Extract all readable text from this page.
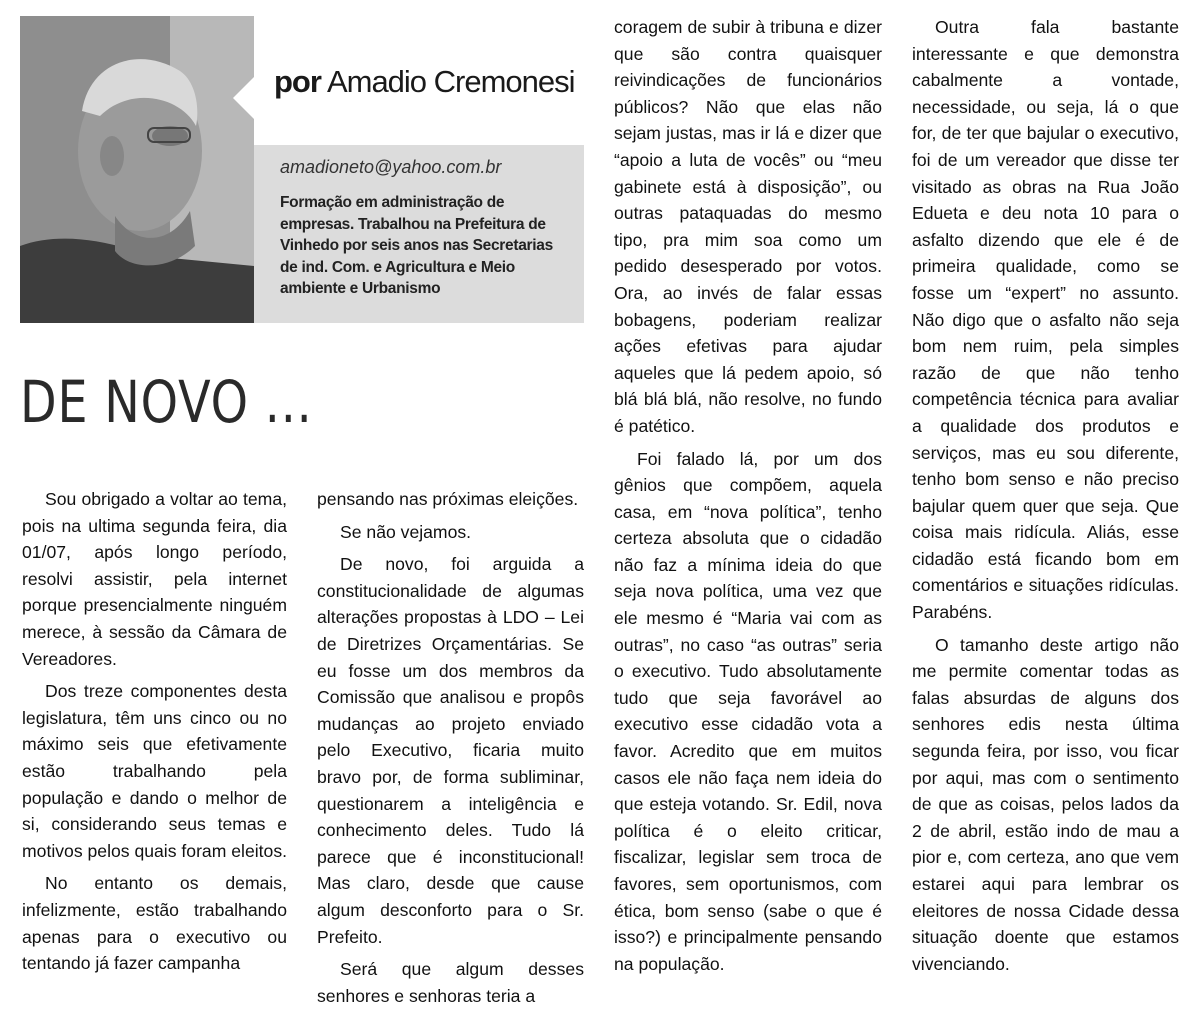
por Amadio Cremonesi

amadioneto@yahoo.com.br

Formação em administração de empresas. Trabalhou na Prefeitura de Vinhedo por seis anos nas Secretarias de ind. Com. e Agricultura e Meio ambiente e Urbanismo

DE NOVO ...

Sou obrigado a voltar ao tema, pois na ultima segunda feira, dia 01/07, após longo período, resolvi assistir, pela internet porque presencialmente ninguém merece, à sessão da Câmara de Vereadores.

Dos treze componentes desta legislatura, têm uns cinco ou no máximo seis que efetivamente estão trabalhando pela população e dando o melhor de si, considerando seus temas e motivos pelos quais foram eleitos.

No entanto os demais, infelizmente, estão trabalhando apenas para o executivo ou tentando já fazer campanha

pensando nas próximas eleições.

Se não vejamos.

De novo, foi arguida a constitucionalidade de algumas alterações propostas à LDO – Lei de Diretrizes Orçamentárias. Se eu fosse um dos membros da Comissão que analisou e propôs mudanças ao projeto enviado pelo Executivo, ficaria muito bravo por, de forma subliminar, questionarem a inteligência e conhecimento deles. Tudo lá parece que é inconstitucional! Mas claro, desde que cause algum desconforto para o Sr. Prefeito.

Será que algum desses senhores e senhoras teria a

coragem de subir à tribuna e dizer que são contra quaisquer reivindicações de funcionários públicos? Não que elas não sejam justas, mas ir lá e dizer que “apoio a luta de vocês” ou “meu gabinete está à disposição”, ou outras pataquadas do mesmo tipo, pra mim soa como um pedido desesperado por votos. Ora, ao invés de falar essas bobagens, poderiam realizar ações efetivas para ajudar aqueles que lá pedem apoio, só blá blá blá, não resolve, no fundo é patético.

Foi falado lá, por um dos gênios que compõem, aquela casa, em “nova política”, tenho certeza absoluta que o cidadão não faz a mínima ideia do que seja nova política, uma vez que ele mesmo é “Maria vai com as outras”, no caso “as outras” seria o executivo. Tudo absolutamente tudo que seja favorável ao executivo esse cidadão vota a favor. Acredito que em muitos casos ele não faça nem ideia do que esteja votando. Sr. Edil, nova política é o eleito criticar, fiscalizar, legislar sem troca de favores, sem oportunismos, com ética, bom senso (sabe o que é isso?) e principalmente pensando na população.

Outra fala bastante interessante e que demonstra cabalmente a vontade, necessidade, ou seja, lá o que for, de ter que bajular o executivo, foi de um vereador que disse ter visitado as obras na Rua João Edueta e deu nota 10 para o asfalto dizendo que ele é de primeira qualidade, como se fosse um “expert” no assunto. Não digo que o asfalto não seja bom nem ruim, pela simples razão de que não tenho competência técnica para avaliar a qualidade dos produtos e serviços, mas eu sou diferente, tenho bom senso e não preciso bajular quem quer que seja. Que coisa mais ridícula. Aliás, esse cidadão está ficando bom em comentários e situações ridículas. Parabéns.

O tamanho deste artigo não me permite comentar todas as falas absurdas de alguns dos senhores edis nesta última segunda feira, por isso, vou ficar por aqui, mas com o sentimento de que as coisas, pelos lados da 2 de abril, estão indo de mau a pior e, com certeza, ano que vem estarei aqui para lembrar os eleitores de nossa Cidade dessa situação doente que estamos vivenciando.
